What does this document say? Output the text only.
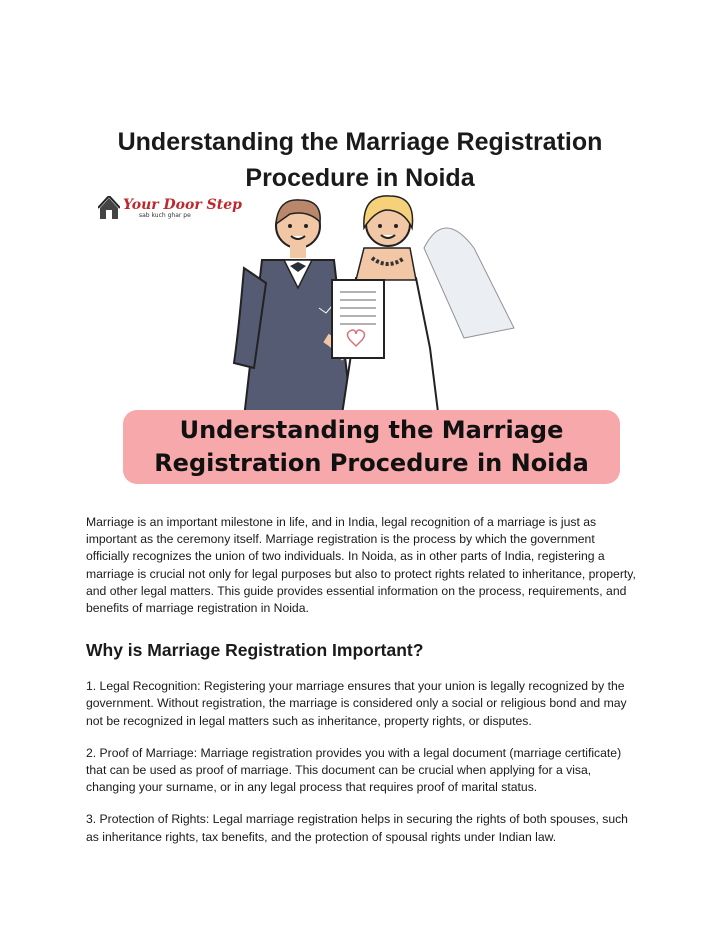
Understanding the Marriage Registration Procedure in Noida
Your Door Step
sab kuch ghar pe
Understanding the Marriage
Registration Procedure in Noida

Marriage is an important milestone in life, and in India, legal recognition of a marriage is just as important as the ceremony itself. Marriage registration is the process by which the government officially recognizes the union of two individuals. In Noida, as in other parts of India, registering a marriage is crucial not only for legal purposes but also to protect rights related to inheritance, property, and other legal matters. This guide provides essential information on the process, requirements, and benefits of marriage registration in Noida.

Why is Marriage Registration Important?

1. Legal Recognition: Registering your marriage ensures that your union is legally recognized by the government. Without registration, the marriage is considered only a social or religious bond and may not be recognized in legal matters such as inheritance, property rights, or disputes.

2. Proof of Marriage: Marriage registration provides you with a legal document (marriage certificate) that can be used as proof of marriage. This document can be crucial when applying for a visa, changing your surname, or in any legal process that requires proof of marital status.

3. Protection of Rights: Legal marriage registration helps in securing the rights of both spouses, such as inheritance rights, tax benefits, and the protection of spousal rights under Indian law.
